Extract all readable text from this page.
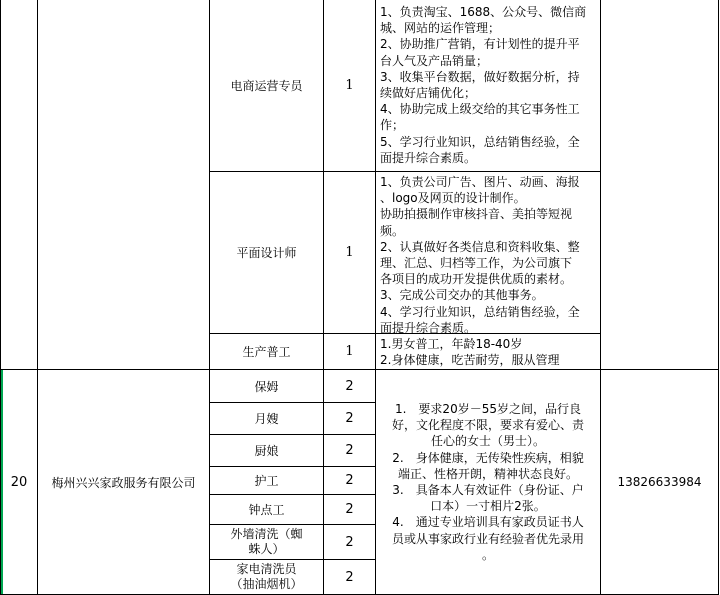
电商运营专员	1
1、负责淘宝、1688、公众号、微信商
城、网站的运作管理；
2、协助推广营销，有计划性的提升平
台人气及产品销量；
3、收集平台数据，做好数据分析，持
续做好店铺优化；
4、协助完成上级交给的其它事务性工
作；
5、学习行业知识，总结销售经验，全
面提升综合素质。
平面设计师	1
1、负责公司广告、图片、动画、海报
、logo及网页的设计制作。
协助拍摄制作审核抖音、美拍等短视
频。
2、认真做好各类信息和资料收集、整
理、汇总、归档等工作，为公司旗下
各项目的成功开发提供优质的素材。
3、完成公司交办的其他事务。
4、学习行业知识，总结销售经验，全
面提升综合素质。
生产普工	1 1.男女普工，年龄18-40岁
2.身体健康，吃苦耐劳，服从管理
20 梅州兴兴家政服务有限公司
保姆	2
月嫂	2
厨娘	2
护工	2
钟点工	2
外墙清洗（蜘
蛛人）	2
家电清洗员
（抽油烟机）	2
1.　要求20岁－55岁之间，品行良
好，文化程度不限，要求有爱心、责
任心的女士（男士）。
2.　身体健康，无传染性疾病，相貌
端正、性格开朗，精神状态良好。
3.　具备本人有效证件（身份证、户
口本）一寸相片2张。
4.　通过专业培训具有家政员证书人
员或从事家政行业有经验者优先录用
。
13826633984
